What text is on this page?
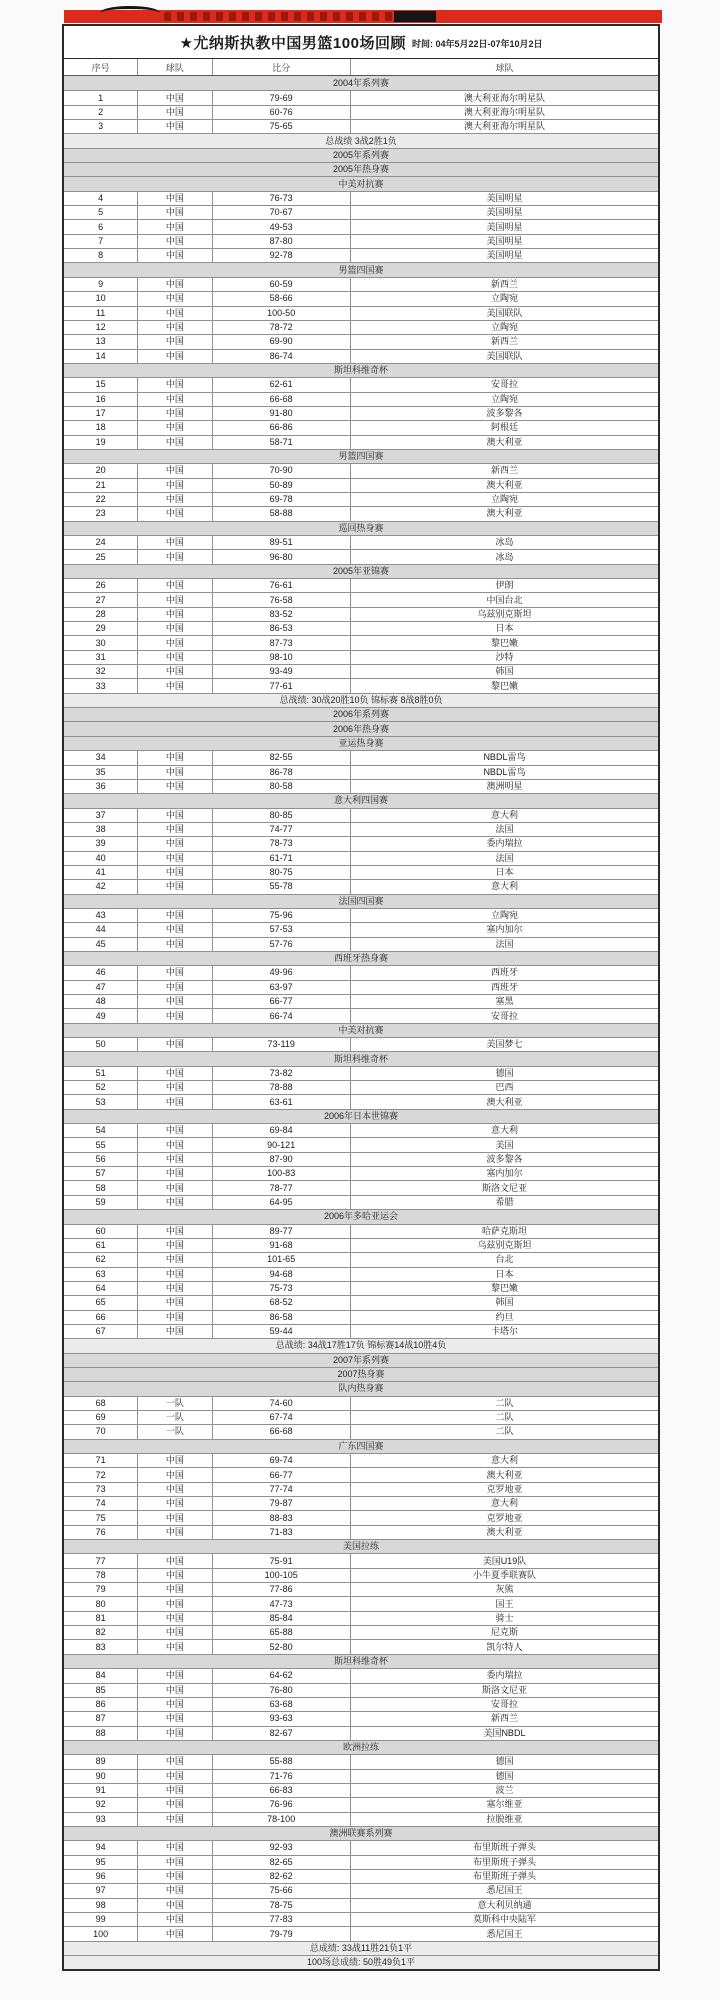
★尤纳斯执教中国男篮100场回顾 时间: 04年5月22日-07年10月2日
序号	球队	比分	球队
2004年系列赛
1	中国	79-69	澳大利亚海尔明星队
2	中国	60-76	澳大利亚海尔明星队
3	中国	75-65	澳大利亚海尔明星队
总战绩 3战2胜1负
2005年系列赛
2005年热身赛
中美对抗赛
4	中国	76-73	美国明星
5	中国	70-67	美国明星
6	中国	49-53	美国明星
7	中国	87-80	美国明星
8	中国	92-78	美国明星
男篮四国赛
9	中国	60-59	新西兰
10	中国	58-66	立陶宛
11	中国	100-50	美国联队
12	中国	78-72	立陶宛
13	中国	69-90	新西兰
14	中国	86-74	美国联队
斯坦科维奇杯
15	中国	62-61	安哥拉
16	中国	66-68	立陶宛
17	中国	91-80	波多黎各
18	中国	66-86	阿根廷
19	中国	58-71	澳大利亚
男篮四国赛
20	中国	70-90	新西兰
21	中国	50-89	澳大利亚
22	中国	69-78	立陶宛
23	中国	58-88	澳大利亚
巡回热身赛
24	中国	89-51	冰岛
25	中国	96-80	冰岛
2005年亚锦赛
26	中国	76-61	伊朗
27	中国	76-58	中国台北
28	中国	83-52	乌兹别克斯坦
29	中国	86-53	日本
30	中国	87-73	黎巴嫩
31	中国	98-10	沙特
32	中国	93-49	韩国
33	中国	77-61	黎巴嫩
总战绩: 30战20胜10负 锦标赛 8战8胜0负
2006年系列赛
2006年热身赛
亚运热身赛
34	中国	82-55	NBDL雷鸟
35	中国	86-78	NBDL雷鸟
36	中国	80-58	澳洲明星
意大利四国赛
37	中国	80-85	意大利
38	中国	74-77	法国
39	中国	78-73	委内瑞拉
40	中国	61-71	法国
41	中国	80-75	日本
42	中国	55-78	意大利
法国四国赛
43	中国	75-96	立陶宛
44	中国	57-53	塞内加尔
45	中国	57-76	法国
西班牙热身赛
46	中国	49-96	西班牙
47	中国	63-97	西班牙
48	中国	66-77	塞黑
49	中国	66-74	安哥拉
中美对抗赛
50	中国	73-119	美国梦七
斯坦科维奇杯
51	中国	73-82	德国
52	中国	78-88	巴西
53	中国	63-61	澳大利亚
2006年日本世锦赛
54	中国	69-84	意大利
55	中国	90-121	美国
56	中国	87-90	波多黎各
57	中国	100-83	塞内加尔
58	中国	78-77	斯洛文尼亚
59	中国	64-95	希腊
2006年多哈亚运会
60	中国	89-77	哈萨克斯坦
61	中国	91-68	乌兹别克斯坦
62	中国	101-65	台北
63	中国	94-68	日本
64	中国	75-73	黎巴嫩
65	中国	68-52	韩国
66	中国	86-58	约旦
67	中国	59-44	卡塔尔
总战绩: 34战17胜17负 锦标赛14战10胜4负
2007年系列赛
2007热身赛
队内热身赛
68	一队	74-60	二队
69	一队	67-74	二队
70	一队	66-68	二队
广东四国赛
71	中国	69-74	意大利
72	中国	66-77	澳大利亚
73	中国	77-74	克罗地亚
74	中国	79-87	意大利
75	中国	88-83	克罗地亚
76	中国	71-83	澳大利亚
美国拉练
77	中国	75-91	美国U19队
78	中国	100-105	小牛夏季联赛队
79	中国	77-86	灰熊
80	中国	47-73	国王
81	中国	85-84	骑士
82	中国	65-88	尼克斯
83	中国	52-80	凯尔特人
斯坦科维奇杯
84	中国	64-62	委内瑞拉
85	中国	76-80	斯洛文尼亚
86	中国	63-68	安哥拉
87	中国	93-63	新西兰
88	中国	82-67	美国NBDL
欧洲拉练
89	中国	55-88	德国
90	中国	71-76	德国
91	中国	66-83	波兰
92	中国	76-96	塞尔维亚
93	中国	78-100	拉脱维亚
澳洲联赛系列赛
94	中国	92-93	布里斯班子弹头
95	中国	82-65	布里斯班子弹头
96	中国	82-62	布里斯班子弹头
97	中国	75-66	悉尼国王
98	中国	78-75	意大利贝纳通
99	中国	77-83	莫斯科中央陆军
100	中国	79-79	悉尼国王
总成绩: 33战11胜21负1平
100场总成绩: 50胜49负1平
